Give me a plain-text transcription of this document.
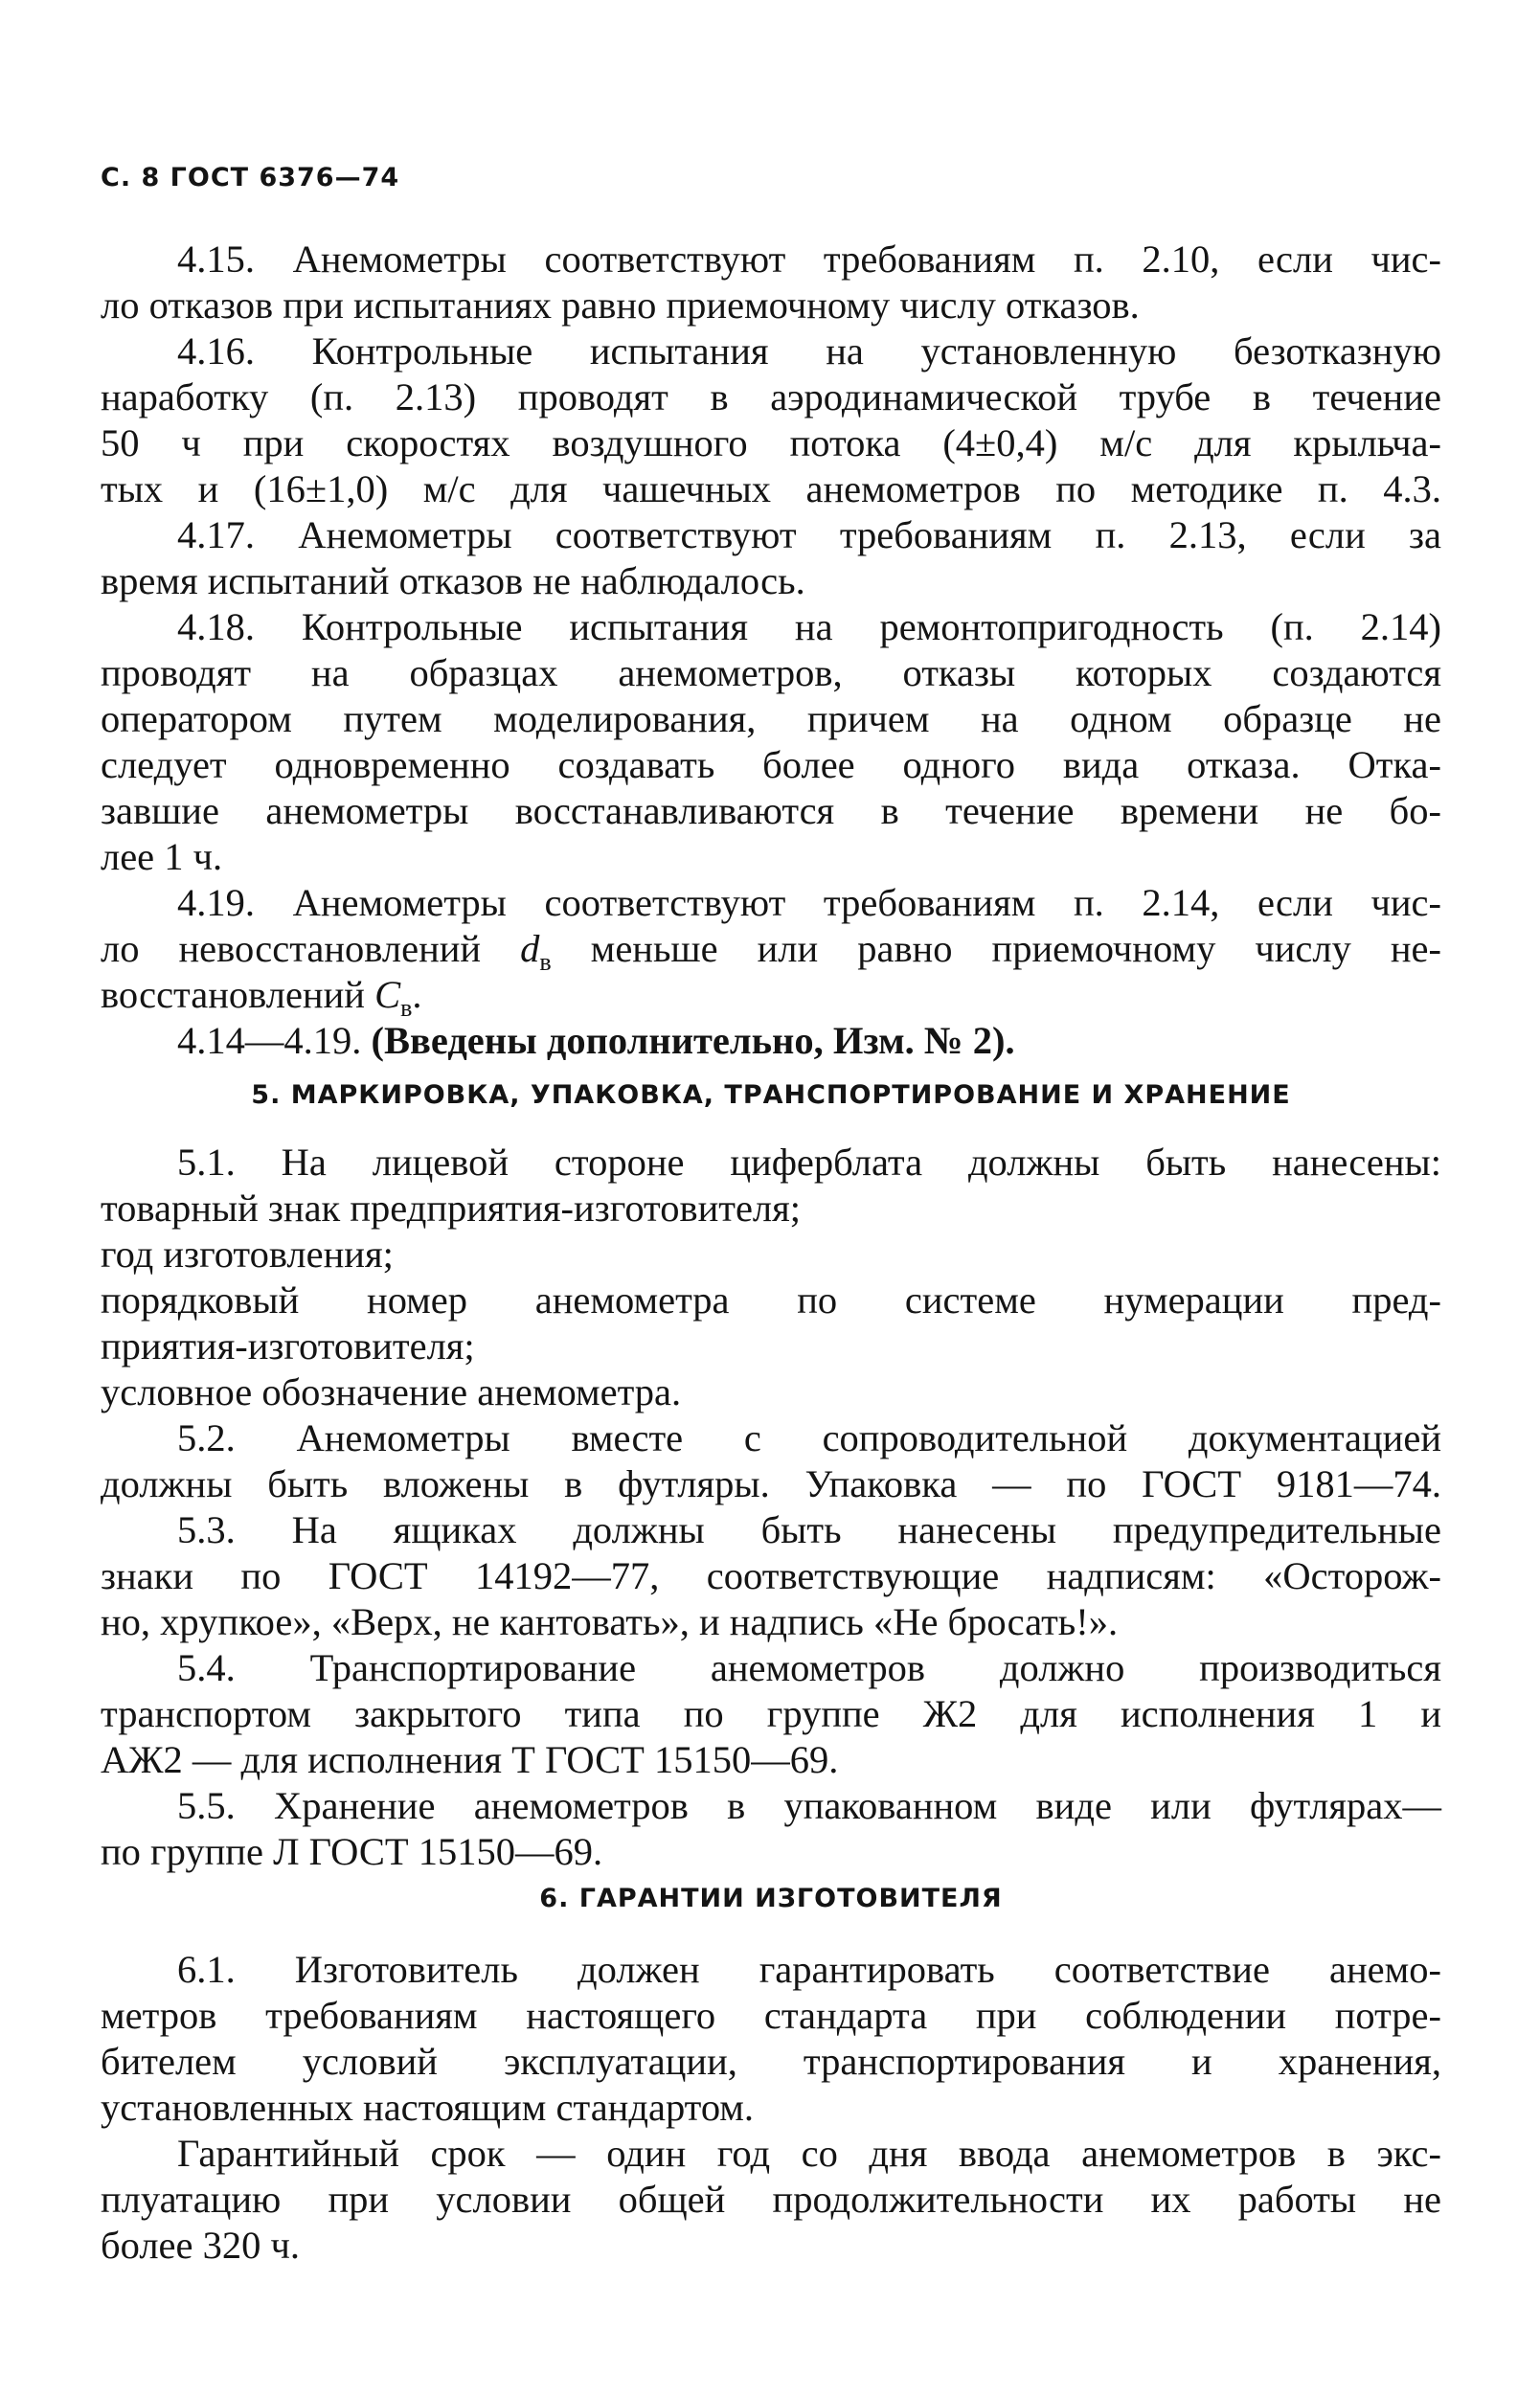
С. 8 ГОСТ 6376—74
4.15. Анемометры соответствуют требованиям п. 2.10, если чис-
ло отказов при испытаниях равно приемочному числу отказов.
4.16. Контрольные испытания на установленную безотказную
наработку (п. 2.13) проводят в аэродинамической трубе в течение
50 ч при скоростях воздушного потока (4±0,4) м/с для крыльча-
тых и (16±1,0) м/с для чашечных анемометров по методике п. 4.3.
4.17. Анемометры соответствуют требованиям п. 2.13, если за
время испытаний отказов не наблюдалось.
4.18. Контрольные испытания на ремонтопригодность (п. 2.14)
проводят на образцах анемометров, отказы которых создаются
оператором путем моделирования, причем на одном образце не
следует одновременно создавать более одного вида отказа. Отка-
завшие анемометры восстанавливаются в течение времени не бо-
лее 1 ч.
4.19. Анемометры соответствуют требованиям п. 2.14, если чис-
ло невосстановлений $d_в$ меньше или равно приемочному числу не-
восстановлений $C_в$.
4.14—4.19. (Введены дополнительно, Изм. № 2).
5. МАРКИРОВКА, УПАКОВКА, ТРАНСПОРТИРОВАНИЕ И ХРАНЕНИЕ
5.1. На лицевой стороне циферблата должны быть нанесены:
товарный знак предприятия-изготовителя;
год изготовления;
порядковый номер анемометра по системе нумерации пред-
приятия-изготовителя;
условное обозначение анемометра.
5.2. Анемометры вместе с сопроводительной документацией
должны быть вложены в футляры. Упаковка — по ГОСТ 9181—74.
5.3. На ящиках должны быть нанесены предупредительные
знаки по ГОСТ 14192—77, соответствующие надписям: «Осторож-
но, хрупкое», «Верх, не кантовать», и надпись «Не бросать!».
5.4. Транспортирование анемометров должно производиться
транспортом закрытого типа по группе Ж2 для исполнения 1 и
АЖ2 — для исполнения Т ГОСТ 15150—69.
5.5. Хранение анемометров в упакованном виде или футлярах—
по группе Л ГОСТ 15150—69.
6. ГАРАНТИИ ИЗГОТОВИТЕЛЯ
6.1. Изготовитель должен гарантировать соответствие анемо-
метров требованиям настоящего стандарта при соблюдении потре-
бителем условий эксплуатации, транспортирования и хранения,
установленных настоящим стандартом.
Гарантийный срок — один год со дня ввода анемометров в экс-
плуатацию при условии общей продолжительности их работы не
более 320 ч.
